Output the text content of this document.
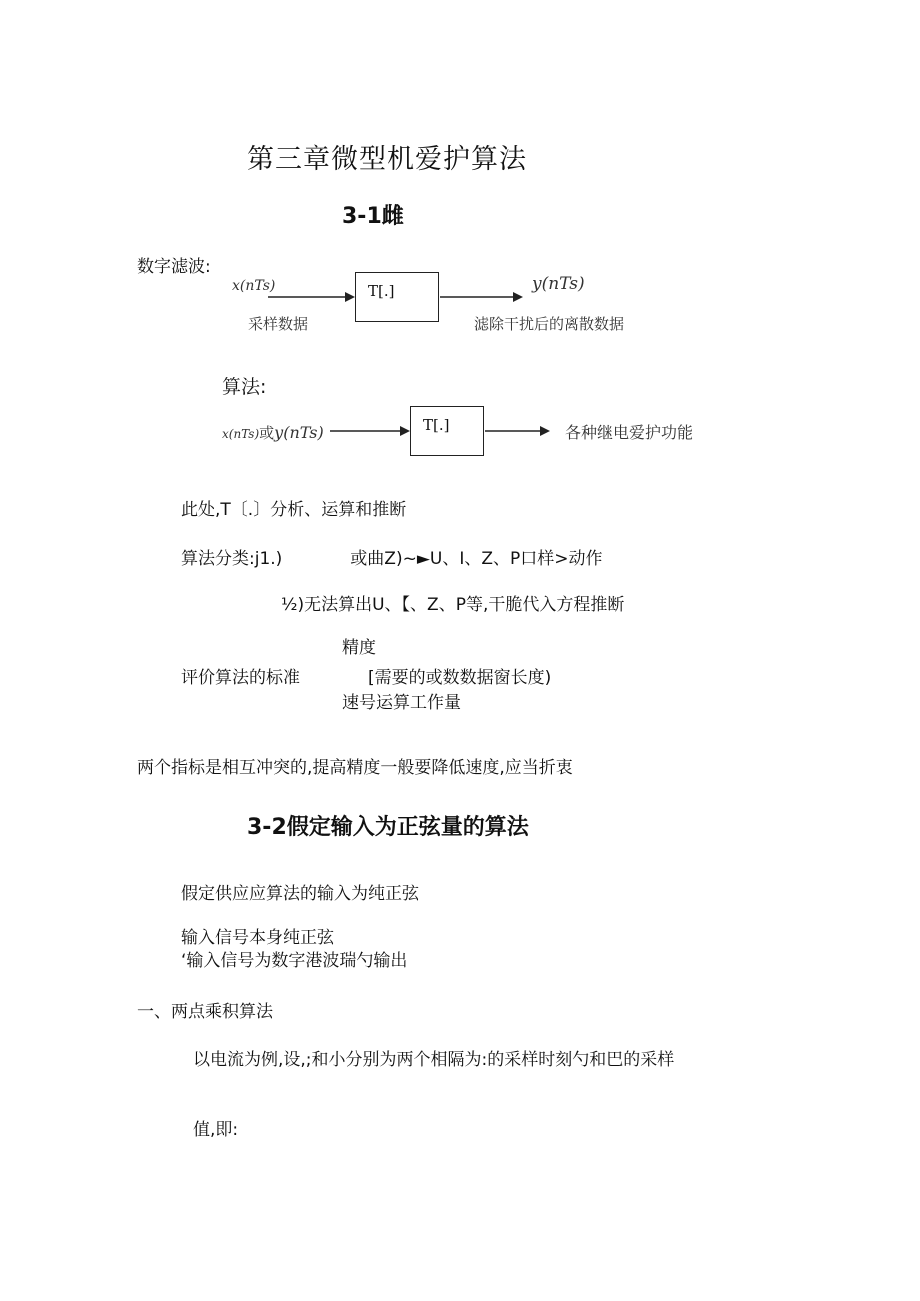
第三章微型机爱护算法
3-1雌
数字滤波:
x(nTs)
采样数据
T[.]	y(nTs)
滤除干扰后的离散数据
算法:
x(nTs)或y(nTs)	T[.]	各种继电爱护功能
此处,T〔.〕分析、运算和推断
算法分类:j1.)　　　　或曲Z)~►U、I、Z、P口样>动作
½)无法算出U、【、Z、P等,干脆代入方程推断
精度
评价算法的标准	[需要的或数数据窗长度)
速号运算工作量
两个指标是相互冲突的,提高精度一般要降低速度,应当折衷
3-2假定输入为正弦量的算法
假定供应应算法的输入为纯正弦
输入信号本身纯正弦
‘输入信号为数字港波瑞勺输出
一、两点乘积算法
以电流为例,设,;和小分别为两个相隔为:的采样时刻勺和巴的采样
值,即:
